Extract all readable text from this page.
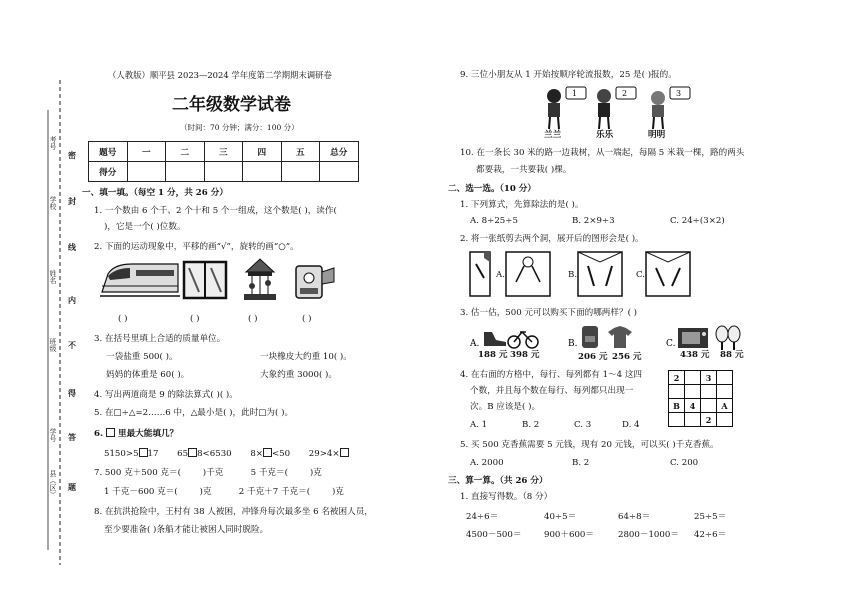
考号
学校
姓名
班级
学号
县（区）
密
封
线
内
不
得
答
题
（人教版）顺平县 2023—2024 学年度第二学期期末调研卷
二年级数学试卷
（时间：70 分钟；满分：100 分）
题号	一	二	三	四	五	总分
得分						
一、填一填。（每空 1 分，共 26 分）
1. 一个数由 6 个千、2 个十和 5 个一组成，这个数是( )，读作(
)，它是一个( )位数。
2. 下面的运动现象中，平移的画“√”，旋转的画“○”。
( )	( )	( )	( )
3. 在括号里填上合适的质量单位。
一袋盐重 500( )。	一块橡皮大约重 10( )。
妈妈的体重是 60( )。	大象约重 3000( )。
4. 写出两道商是 9 的除法算式( )( )。
5. 在□÷△=2……6 中，△最小是( )，此时□为( )。
6. 里最大能填几？
5150>5 17 65 8<6530 8× <50 29>4×
7. 500 克＋500 克＝(        )千克          5 千克＝(        )克
1 千克－600 克＝(        )克          2 千克＋7 千克＝(        )克
8. 在抗洪抢险中，王村有 38 人被困，冲锋舟每次最多坐 6 名被困人员，
至少要准备( )条船才能让被困人同时脱险。
9. 三位小朋友从 1 开始按顺序轮流报数，25 是( )报的。
1	2	3
兰兰	乐乐	明明
10. 在一条长 30 米的路一边栽树，从一端起，每隔 5 米栽一棵，路的两头
都要栽，一共要栽( )棵。
二、选一选。（10 分）
1. 下列算式，先算除法的是( )。
A. 8÷25÷5	B. 2×9÷3	C. 24÷(3×2)
2. 将一张纸剪去两个洞，展开后的图形会是( )。
A.	B.	C.
3. 估一估，500 元可以购买下面的哪两样？( )
A.	B.	C.
188 元 398 元	206 元 256 元	438 元 88 元
4. 在右面的方格中，每行、每列都有 1～4 这四
个数，并且每个数在每行、每列都只出现一
次。B 应该是( )。
A. 1	B. 2	C. 3	D. 4
2		3	

B	4		A
		2	
5. 买 500 克香蕉需要 5 元钱，现有 20 元钱，可以买( )千克香蕉。
A. 2000	B. 2	C. 200
三、算一算。（共 26 分）
1. 直接写得数。（8 分）
24÷6＝	40÷5＝	64÷8＝	25÷5＝
4500－500＝	900＋600＝	2800－1000＝ 42÷6＝
